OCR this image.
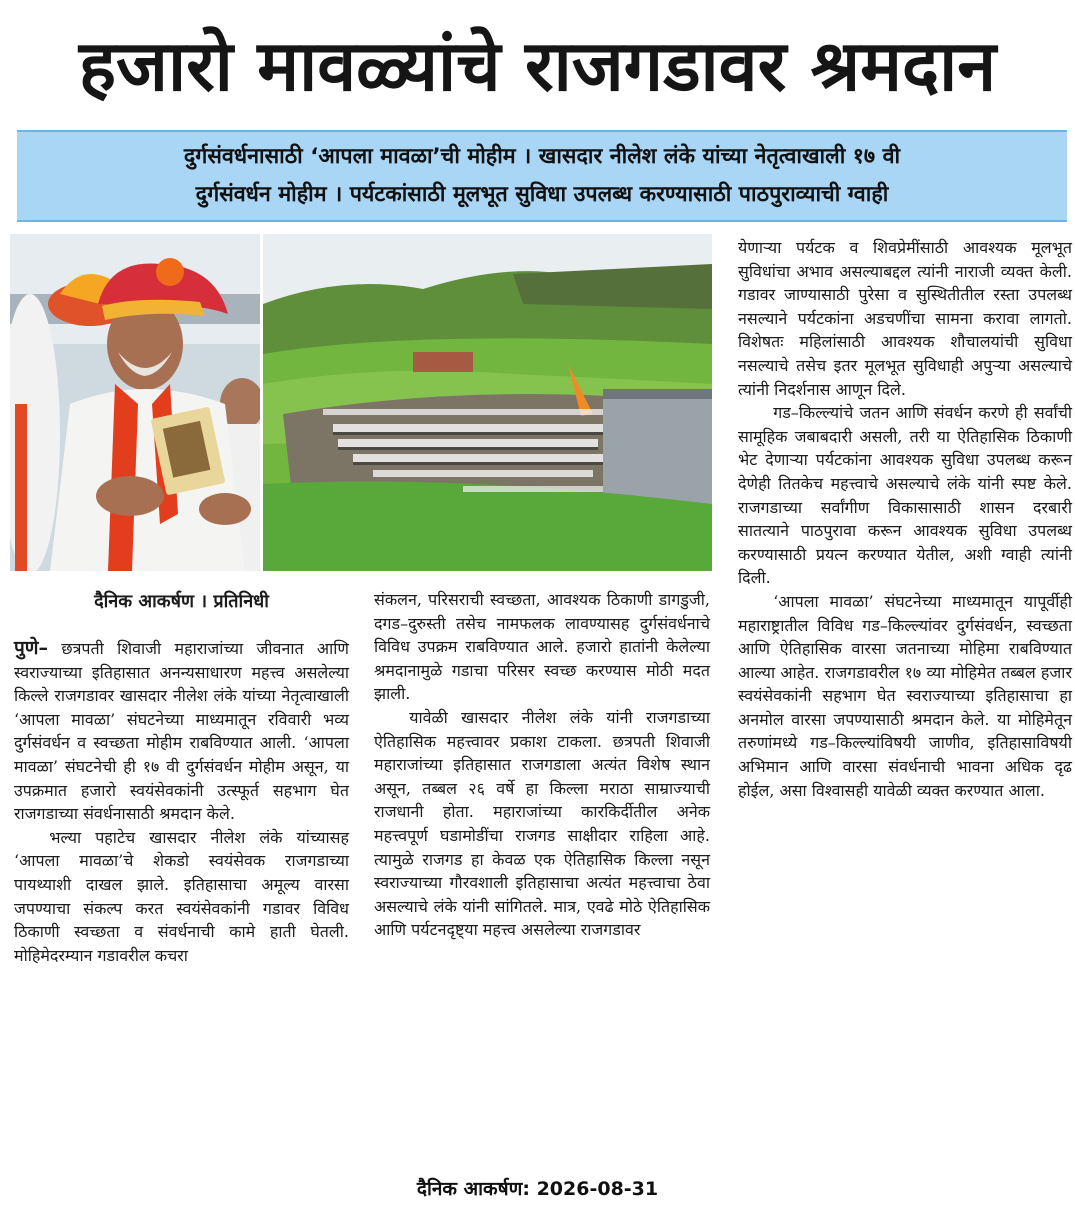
हजारो मावळ्यांचे राजगडावर श्रमदान
दुर्गसंवर्धनासाठी ‘आपला मावळा’ची मोहीम । खासदार नीलेश लंके यांच्या नेतृत्वाखाली १७ वी
दुर्गसंवर्धन मोहीम । पर्यटकांसाठी मूलभूत सुविधा उपलब्ध करण्यासाठी पाठपुराव्याची ग्वाही
दैनिक आकर्षण । प्रतिनिधी

पुणे– छत्रपती शिवाजी महाराजांच्या जीवनात आणि स्वराज्याच्या इतिहासात अनन्यसाधारण महत्त्व असलेल्या किल्ले राजगडावर खासदार नीलेश लंके यांच्या नेतृत्वाखाली ‘आपला मावळा’ संघटनेच्या माध्यमातून रविवारी भव्य दुर्गसंवर्धन व स्वच्छता मोहीम राबविण्यात आली. ‘आपला मावळा’ संघटनेची ही १७ वी दुर्गसंवर्धन मोहीम असून, या उपक्रमात हजारो स्वयंसेवकांनी उत्स्फूर्त सहभाग घेत राजगडाच्या संवर्धनासाठी श्रमदान केले.

भल्या पहाटेच खासदार नीलेश लंके यांच्यासह ‘आपला मावळा’चे शेकडो स्वयंसेवक राजगडाच्या पायथ्याशी दाखल झाले. इतिहासाचा अमूल्य वारसा जपण्याचा संकल्प करत स्वयंसेवकांनी गडावर विविध ठिकाणी स्वच्छता व संवर्धनाची कामे हाती घेतली. मोहिमेदरम्यान गडावरील कचरा

संकलन, परिसराची स्वच्छता, आवश्यक ठिकाणी डागडुजी, दगड–दुरुस्ती तसेच नामफलक लावण्यासह दुर्गसंवर्धनाचे विविध उपक्रम राबविण्यात आले. हजारो हातांनी केलेल्या श्रमदानामुळे गडाचा परिसर स्वच्छ करण्यास मोठी मदत झाली.

यावेळी खासदार नीलेश लंके यांनी राजगडाच्या ऐतिहासिक महत्त्वावर प्रकाश टाकला. छत्रपती शिवाजी महाराजांच्या इतिहासात राजगडाला अत्यंत विशेष स्थान असून, तब्बल २६ वर्षे हा किल्ला मराठा साम्राज्याची राजधानी होता. महाराजांच्या कारकिर्दीतील अनेक महत्त्वपूर्ण घडामोडींचा राजगड साक्षीदार राहिला आहे. त्यामुळे राजगड हा केवळ एक ऐतिहासिक किल्ला नसून स्वराज्याच्या गौरवशाली इतिहासाचा अत्यंत महत्त्वाचा ठेवा असल्याचे लंके यांनी सांगितले. मात्र, एवढे मोठे ऐतिहासिक आणि पर्यटनदृष्ट्या महत्त्व असलेल्या राजगडावर

येणाऱ्या पर्यटक व शिवप्रेमींसाठी आवश्यक मूलभूत सुविधांचा अभाव असल्याबद्दल त्यांनी नाराजी व्यक्त केली. गडावर जाण्यासाठी पुरेसा व सुस्थितीतील रस्ता उपलब्ध नसल्याने पर्यटकांना अडचणींचा सामना करावा लागतो. विशेषतः महिलांसाठी आवश्यक शौचालयांची सुविधा नसल्याचे तसेच इतर मूलभूत सुविधाही अपुऱ्या असल्याचे त्यांनी निदर्शनास आणून दिले.

गड–किल्ल्यांचे जतन आणि संवर्धन करणे ही सर्वांची सामूहिक जबाबदारी असली, तरी या ऐतिहासिक ठिकाणी भेट देणाऱ्या पर्यटकांना आवश्यक सुविधा उपलब्ध करून देणेही तितकेच महत्त्वाचे असल्याचे लंके यांनी स्पष्ट केले. राजगडाच्या सर्वांगीण विकासासाठी शासन दरबारी सातत्याने पाठपुरावा करून आवश्यक सुविधा उपलब्ध करण्यासाठी प्रयत्न करण्यात येतील, अशी ग्वाही त्यांनी दिली.

‘आपला मावळा’ संघटनेच्या माध्यमातून यापूर्वीही महाराष्ट्रातील विविध गड–किल्ल्यांवर दुर्गसंवर्धन, स्वच्छता आणि ऐतिहासिक वारसा जतनाच्या मोहिमा राबविण्यात आल्या आहेत. राजगडावरील १७ व्या मोहिमेत तब्बल हजार स्वयंसेवकांनी सहभाग घेत स्वराज्याच्या इतिहासाचा हा अनमोल वारसा जपण्यासाठी श्रमदान केले. या मोहिमेतून तरुणांमध्ये गड–किल्ल्यांविषयी जाणीव, इतिहासाविषयी अभिमान आणि वारसा संवर्धनाची भावना अधिक दृढ होईल, असा विश्वासही यावेळी व्यक्त करण्यात आला.

दैनिक आकर्षण: 2026-08-31
